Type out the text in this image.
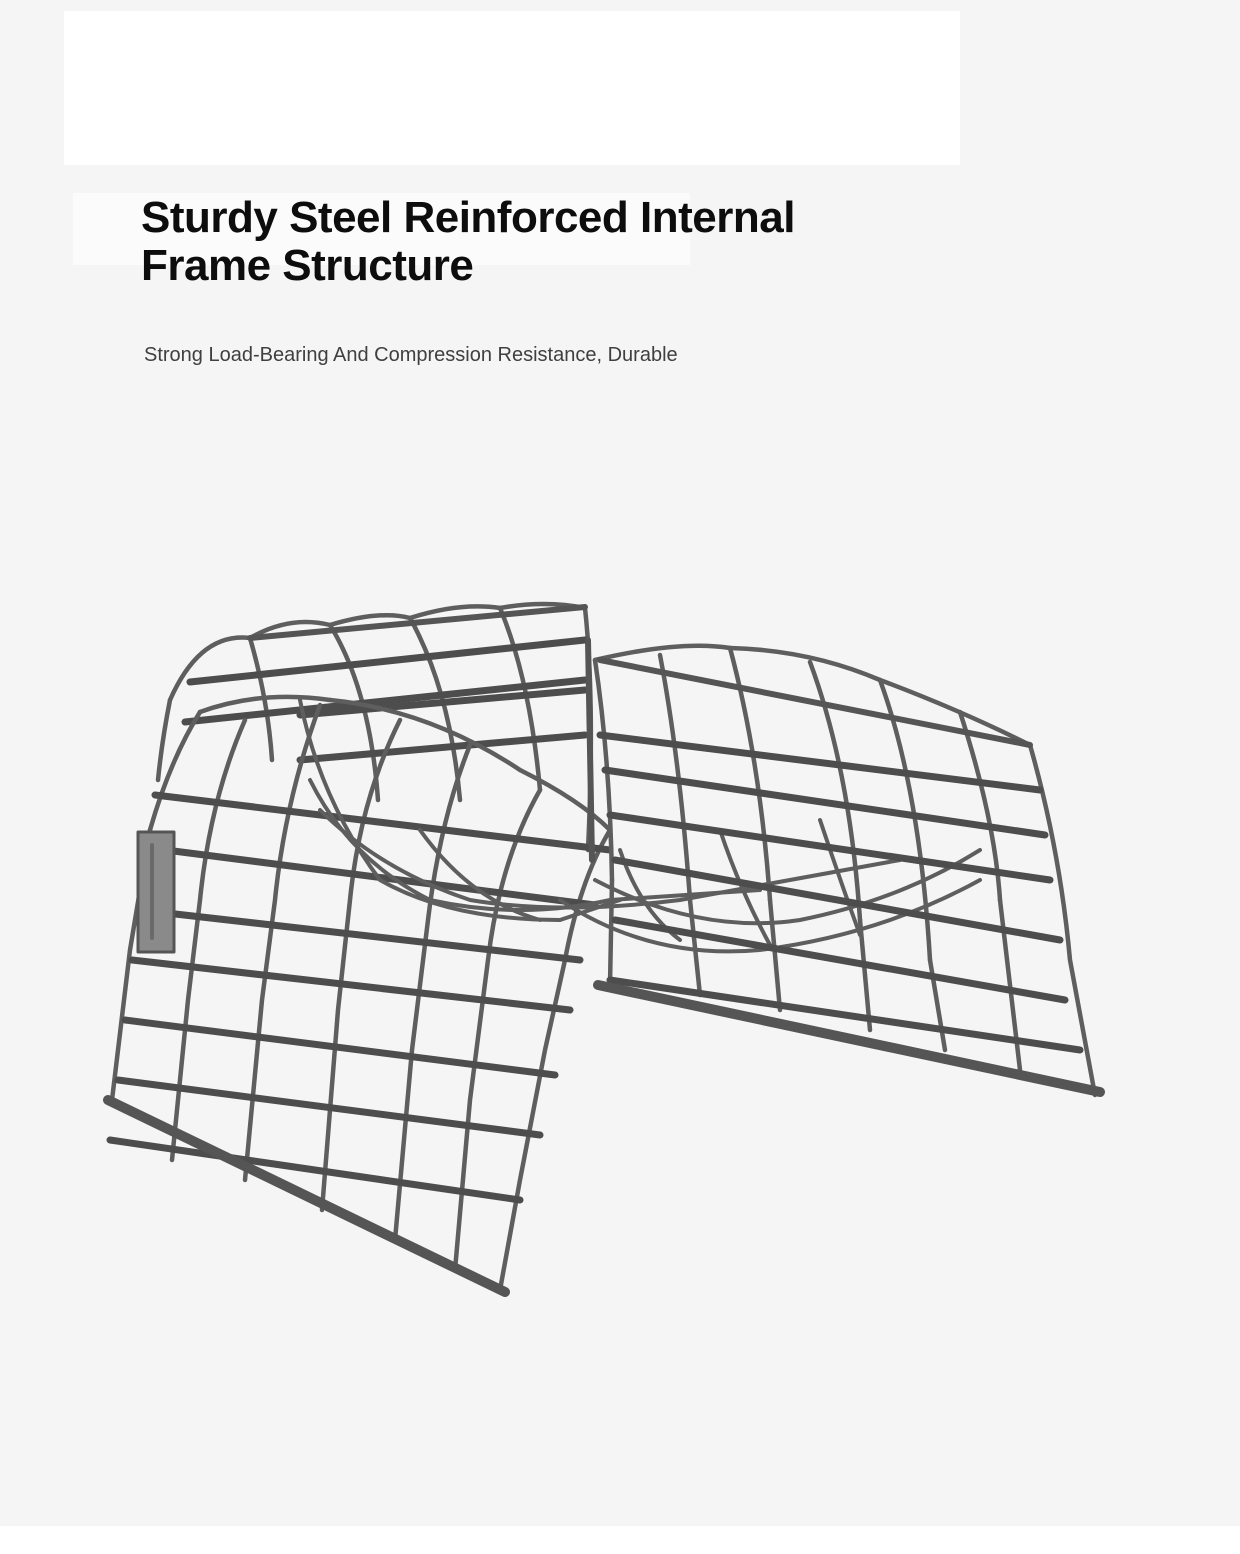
Sturdy Steel Reinforced Internal Frame Structure

Strong Load-Bearing And Compression Resistance, Durable
